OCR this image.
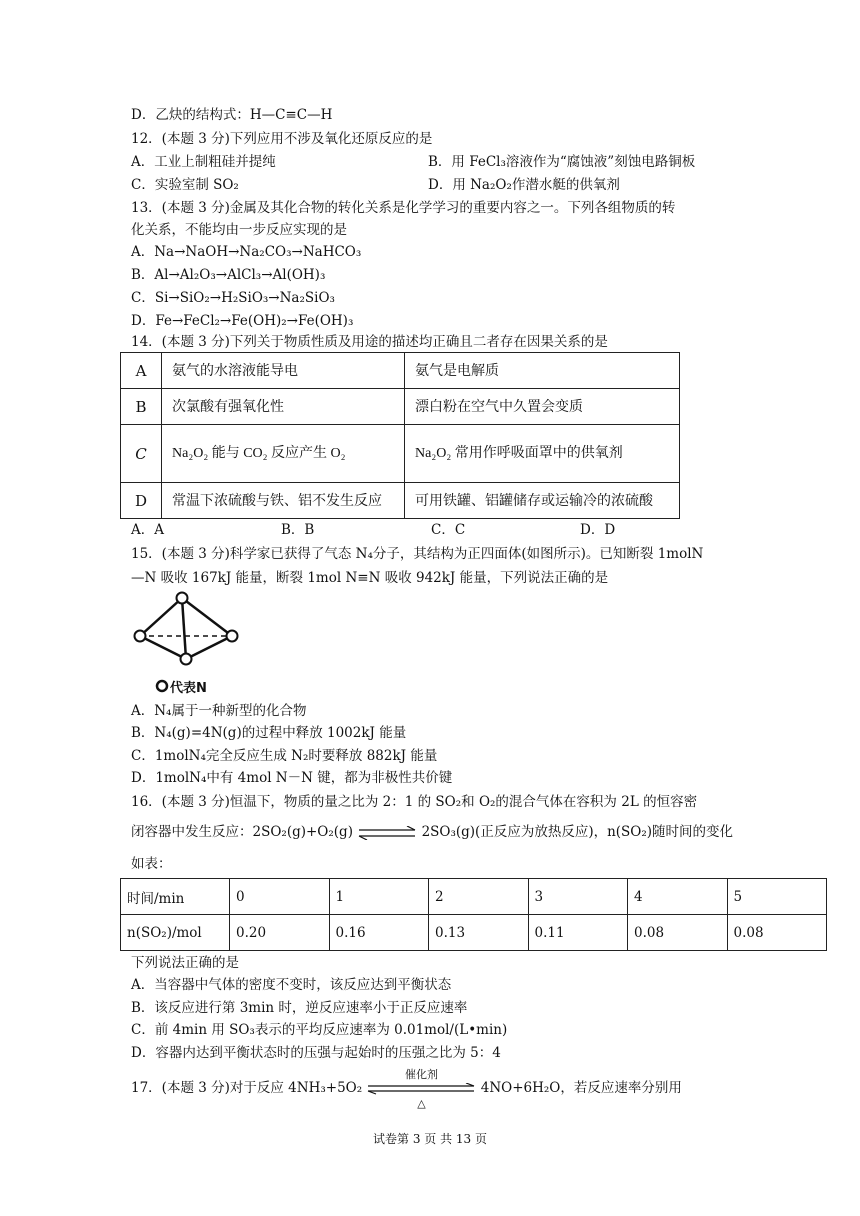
D．乙炔的结构式：H—C≡C—H
12．(本题 3 分)下列应用不涉及氧化还原反应的是
A．工业上制粗硅并提纯	B．用 FeCl₃溶液作为“腐蚀液”刻蚀电路铜板
C．实验室制 SO₂	D．用 Na₂O₂作潜水艇的供氧剂
13．(本题 3 分)金属及其化合物的转化关系是化学学习的重要内容之一。下列各组物质的转
化关系，不能均由一步反应实现的是
A．Na→NaOH→Na₂CO₃→NaHCO₃
B．Al→Al₂O₃→AlCl₃→Al(OH)₃
C．Si→SiO₂→H₂SiO₃→Na₂SiO₃
D．Fe→FeCl₂→Fe(OH)₂→Fe(OH)₃
14．(本题 3 分)下列关于物质性质及用途的描述均正确且二者存在因果关系的是
A	氨气的水溶液能导电	氨气是电解质
B	次氯酸有强氧化性	漂白粉在空气中久置会变质
C	Na₂O₂ 能与 CO₂ 反应产生 O₂	Na₂O₂ 常用作呼吸面罩中的供氧剂
D	常温下浓硫酸与铁、铝不发生反应	可用铁罐、铝罐储存或运输冷的浓硫酸
A．A	B．B	C．C	D．D
15．(本题 3 分)科学家已获得了气态 N₄分子，其结构为正四面体(如图所示)。已知断裂 1molN
—N 吸收 167kJ 能量，断裂 1mol N≡N 吸收 942kJ 能量，下列说法正确的是
代表N
A．N₄属于一种新型的化合物
B．N₄(g)=4N(g)的过程中释放 1002kJ 能量
C．1molN₄完全反应生成 N₂时要释放 882kJ 能量
D．1molN₄中有 4mol N－N 键，都为非极性共价键
16．(本题 3 分)恒温下，物质的量之比为 2：1 的 SO₂和 O₂的混合气体在容积为 2L 的恒容密
闭容器中发生反应：2SO₂(g)+O₂(g)	2SO₃(g)(正反应为放热反应)，n(SO₂)随时间的变化
如表：
时间/min	0	1	2	3	4	5
n(SO₂)/mol	0.20	0.16	0.13	0.11	0.08	0.08
下列说法正确的是
A．当容器中气体的密度不变时，该反应达到平衡状态
B．该反应进行第 3min 时，逆反应速率小于正反应速率
C．前 4min 用 SO₃表示的平均反应速率为 0.01mol/(L•min)
D．容器内达到平衡状态时的压强与起始时的压强之比为 5：4
17．(本题 3 分)对于反应 4NH₃+5O₂
催化剂
△
4NO+6H₂O，若反应速率分别用
试卷第 3 页 共 13 页
